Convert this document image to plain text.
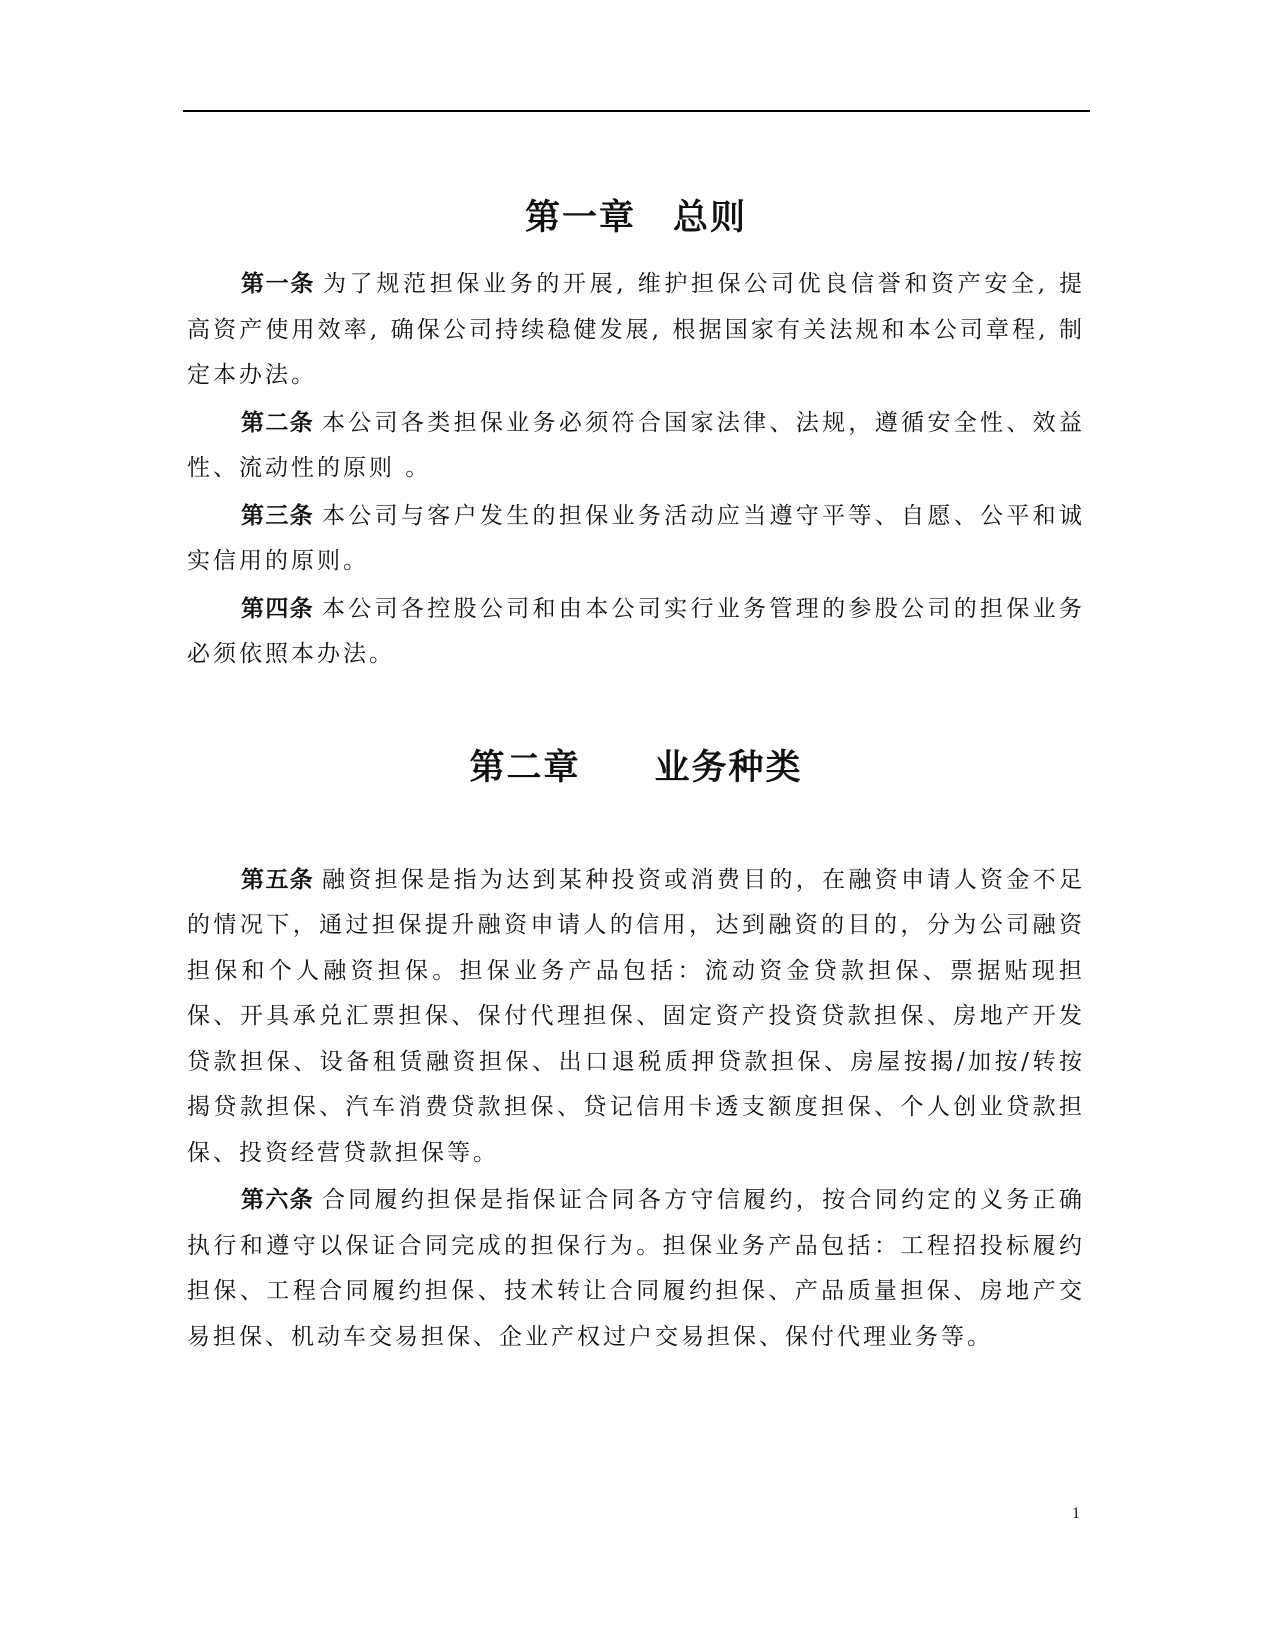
第一章　总则

第一条 为了规范担保业务的开展, 维护担保公司优良信誉和资产安全, 提高资产使用效率, 确保公司持续稳健发展, 根据国家有关法规和本公司章程, 制定本办法。

第二条 本公司各类担保业务必须符合国家法律、法规，遵循安全性、效益性、流动性的原则 。

第三条 本公司与客户发生的担保业务活动应当遵守平等、自愿、公平和诚实信用的原则。

第四条 本公司各控股公司和由本公司实行业务管理的参股公司的担保业务必须依照本办法。

第二章　　业务种类

第五条 融资担保是指为达到某种投资或消费目的，在融资申请人资金不足的情况下，通过担保提升融资申请人的信用，达到融资的目的，分为公司融资担保和个人融资担保。担保业务产品包括：流动资金贷款担保、票据贴现担保、开具承兑汇票担保、保付代理担保、固定资产投资贷款担保、房地产开发贷款担保、设备租赁融资担保、出口退税质押贷款担保、房屋按揭/加按/转按揭贷款担保、汽车消费贷款担保、贷记信用卡透支额度担保、个人创业贷款担保、投资经营贷款担保等。

第六条 合同履约担保是指保证合同各方守信履约，按合同约定的义务正确执行和遵守以保证合同完成的担保行为。担保业务产品包括：工程招投标履约担保、工程合同履约担保、技术转让合同履约担保、产品质量担保、房地产交易担保、机动车交易担保、企业产权过户交易担保、保付代理业务等。

1
